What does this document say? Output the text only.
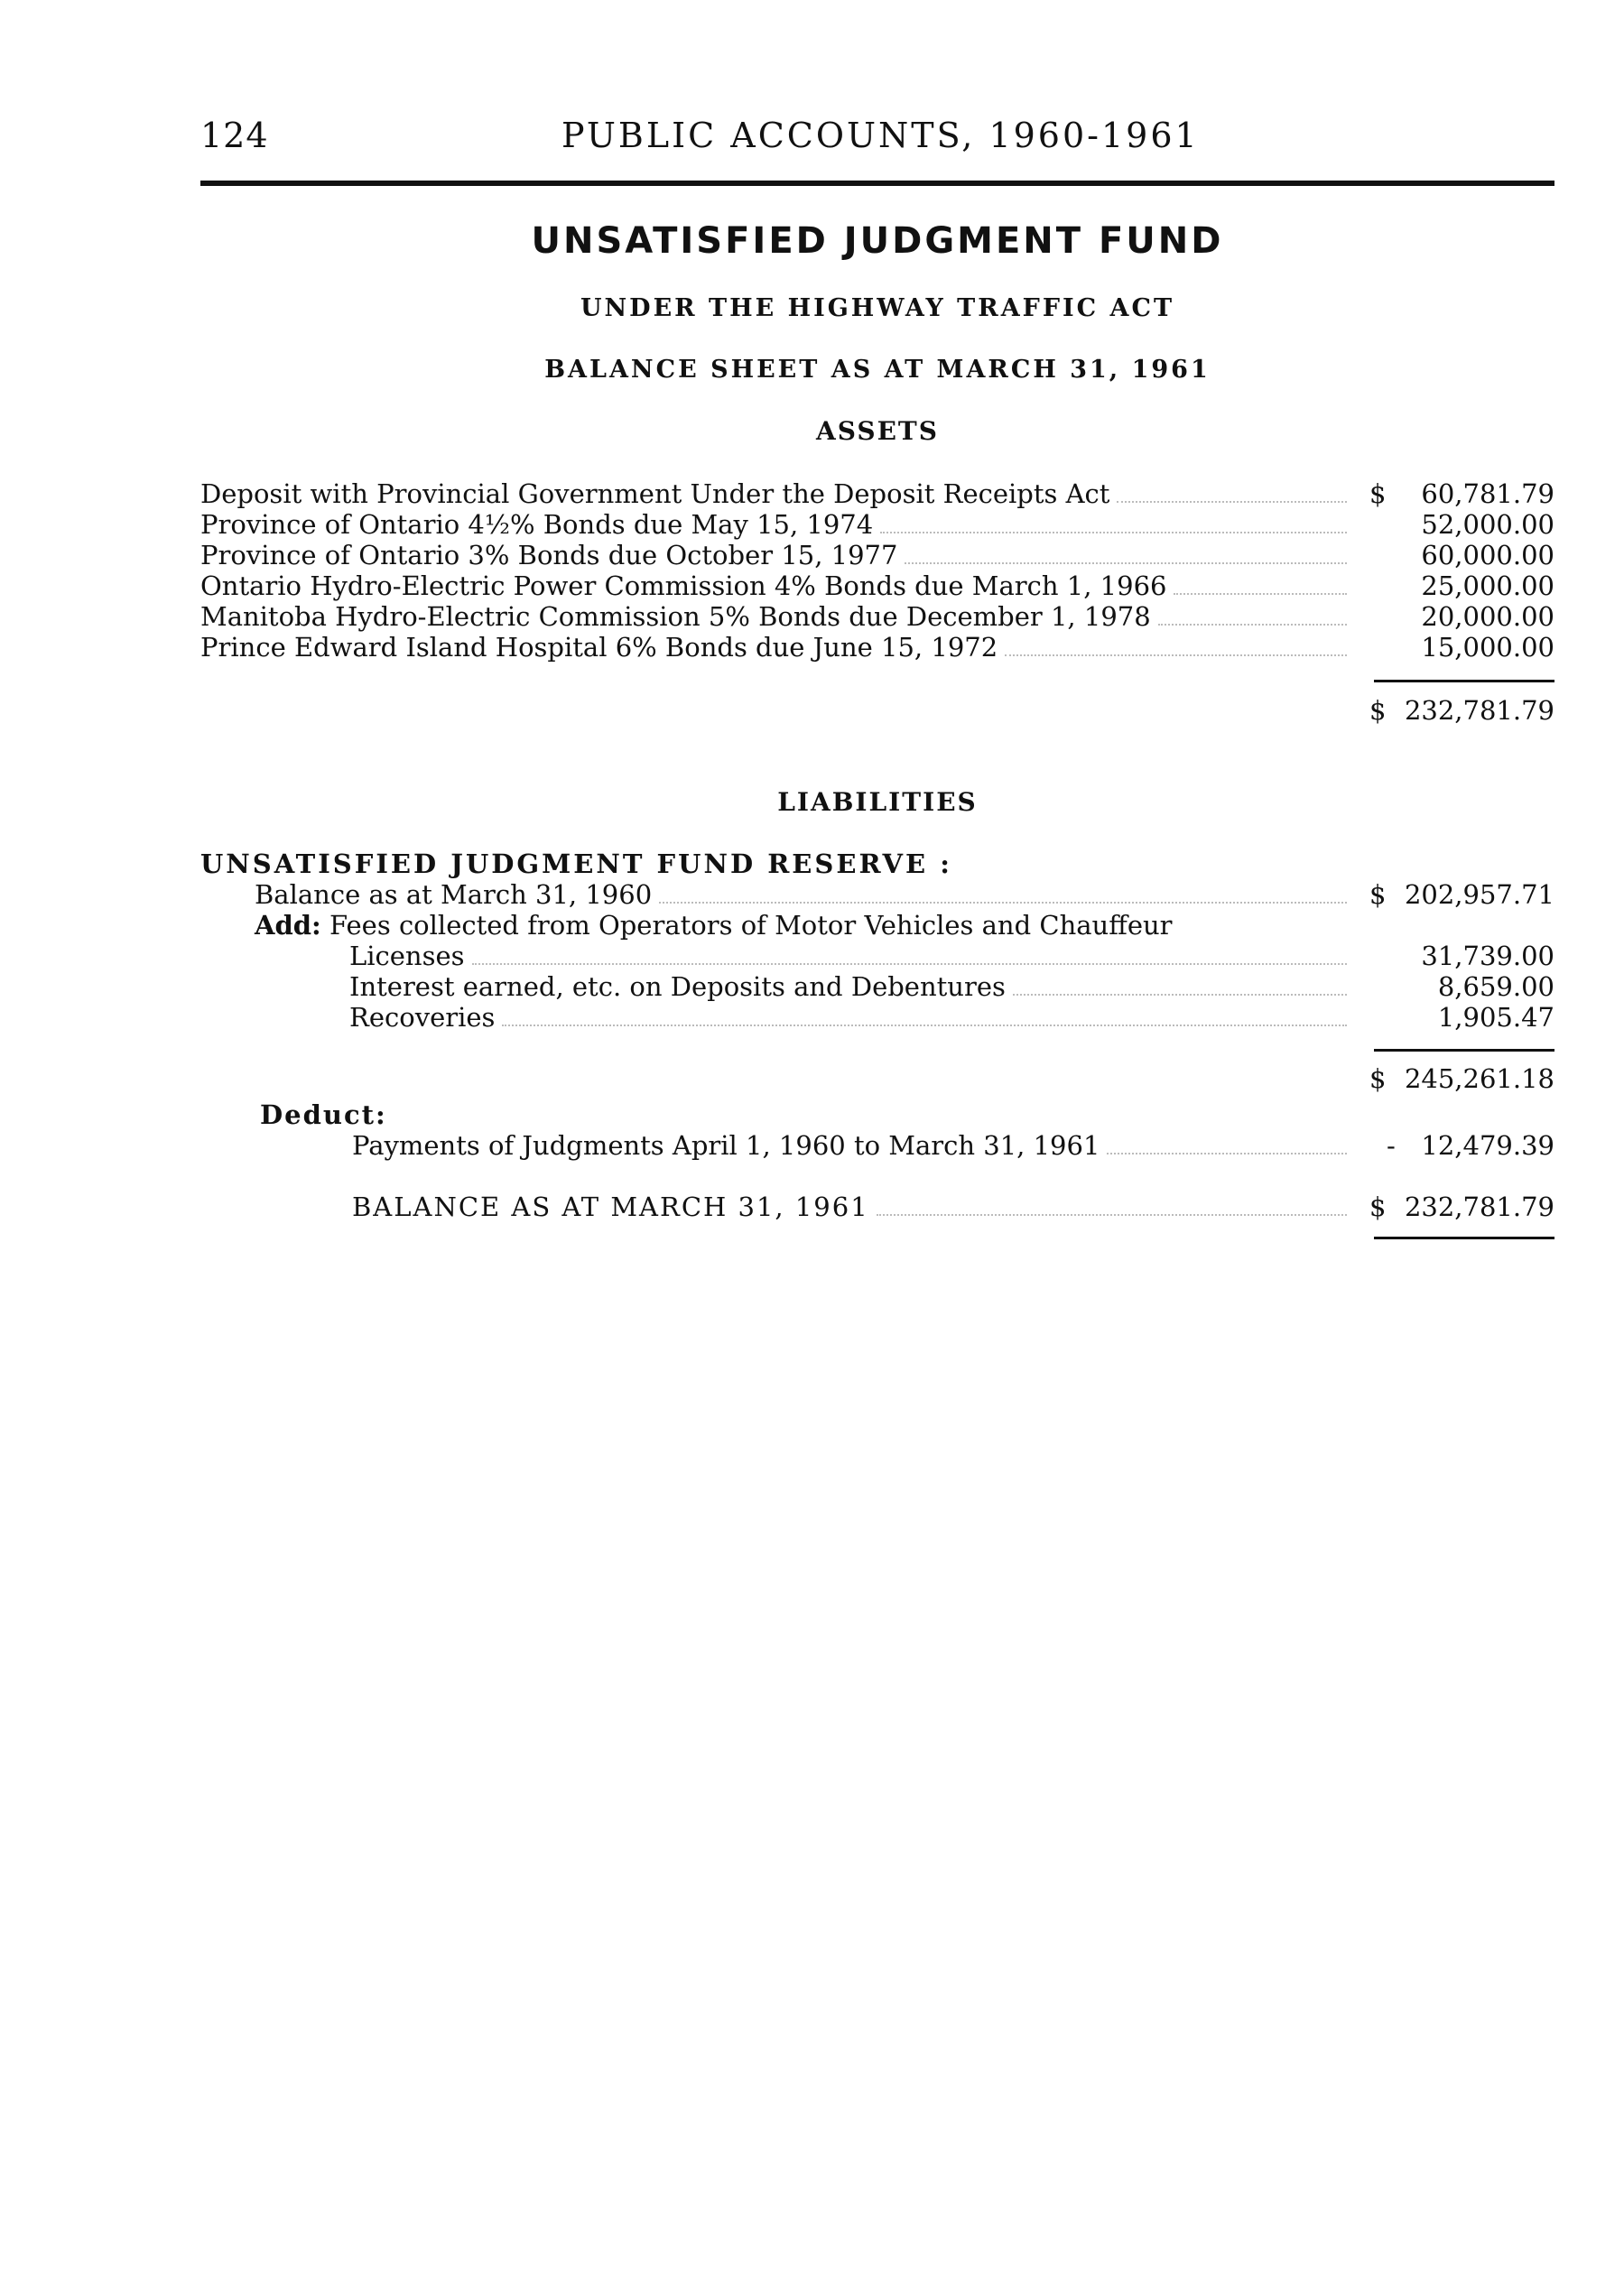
124	PUBLIC ACCOUNTS, 1960-1961
UNSATISFIED JUDGMENT FUND
UNDER THE HIGHWAY TRAFFIC ACT
BALANCE SHEET AS AT MARCH 31, 1961
ASSETS
Deposit with Provincial Government Under the Deposit Receipts Act	$ 60,781.79
Province of Ontario 4½% Bonds due May 15, 1974	52,000.00
Province of Ontario 3% Bonds due October 15, 1977	60,000.00
Ontario Hydro-Electric Power Commission 4% Bonds due March 1, 1966	25,000.00
Manitoba Hydro-Electric Commission 5% Bonds due December 1, 1978	20,000.00
Prince Edward Island Hospital 6% Bonds due June 15, 1972	15,000.00
$ 232,781.79
LIABILITIES
UNSATISFIED JUDGMENT FUND RESERVE :
Balance as at March 31, 1960	$ 202,957.71
Add:
Fees collected from Operators of Motor Vehicles and Chauffeur
Licenses	31,739.00
Interest earned, etc. on Deposits and Debentures	8,659.00
Recoveries	1,905.47
$ 245,261.18
Deduct:
Payments of Judgments April 1, 1960 to March 31, 1961	- 12,479.39
BALANCE AS AT MARCH 31, 1961	$ 232,781.79
